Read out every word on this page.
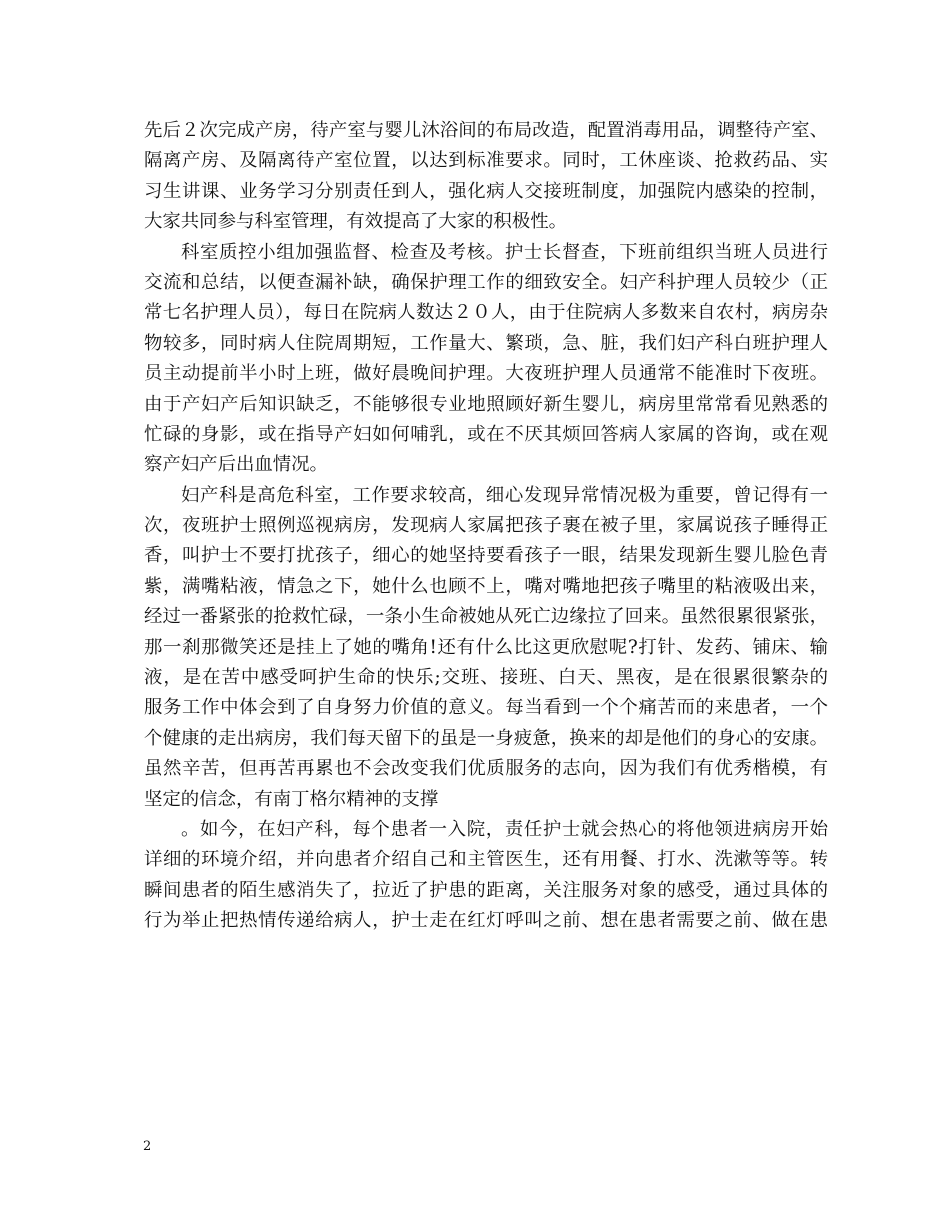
先后２次完成产房，待产室与婴儿沐浴间的布局改造，配置消毒用品，调整待产室、
隔离产房、及隔离待产室位置，以达到标准要求。同时，工休座谈、抢救药品、实
习生讲课、业务学习分别责任到人，强化病人交接班制度，加强院内感染的控制，
大家共同参与科室管理，有效提高了大家的积极性。
科室质控小组加强监督、检查及考核。护士长督查，下班前组织当班人员进行
交流和总结，以便查漏补缺，确保护理工作的细致安全。妇产科护理人员较少（正
常七名护理人员），每日在院病人数达２０人，由于住院病人多数来自农村，病房杂
物较多，同时病人住院周期短，工作量大、繁琐，急、脏，我们妇产科白班护理人
员主动提前半小时上班，做好晨晚间护理。大夜班护理人员通常不能准时下夜班。
由于产妇产后知识缺乏，不能够很专业地照顾好新生婴儿，病房里常常看见熟悉的
忙碌的身影，或在指导产妇如何哺乳，或在不厌其烦回答病人家属的咨询，或在观
察产妇产后出血情况。
妇产科是高危科室，工作要求较高，细心发现异常情况极为重要，曾记得有一
次，夜班护士照例巡视病房，发现病人家属把孩子裹在被子里，家属说孩子睡得正
香，叫护士不要打扰孩子，细心的她坚持要看孩子一眼，结果发现新生婴儿脸色青
紫，满嘴粘液，情急之下，她什么也顾不上，嘴对嘴地把孩子嘴里的粘液吸出来，
经过一番紧张的抢救忙碌，一条小生命被她从死亡边缘拉了回来。虽然很累很紧张，
那一刹那微笑还是挂上了她的嘴角!还有什么比这更欣慰呢?打针、发药、铺床、输
液，是在苦中感受呵护生命的快乐;交班、接班、白天、黑夜，是在很累很繁杂的
服务工作中体会到了自身努力价值的意义。每当看到一个个痛苦而的来患者，一个
个健康的走出病房，我们每天留下的虽是一身疲惫，换来的却是他们的身心的安康。
虽然辛苦，但再苦再累也不会改变我们优质服务的志向，因为我们有优秀楷模，有
坚定的信念，有南丁格尔精神的支撑
。如今，在妇产科，每个患者一入院，责任护士就会热心的将他领进病房开始
详细的环境介绍，并向患者介绍自己和主管医生，还有用餐、打水、洗漱等等。转
瞬间患者的陌生感消失了，拉近了护患的距离，关注服务对象的感受，通过具体的
行为举止把热情传递给病人，护士走在红灯呼叫之前、想在患者需要之前、做在患
2
